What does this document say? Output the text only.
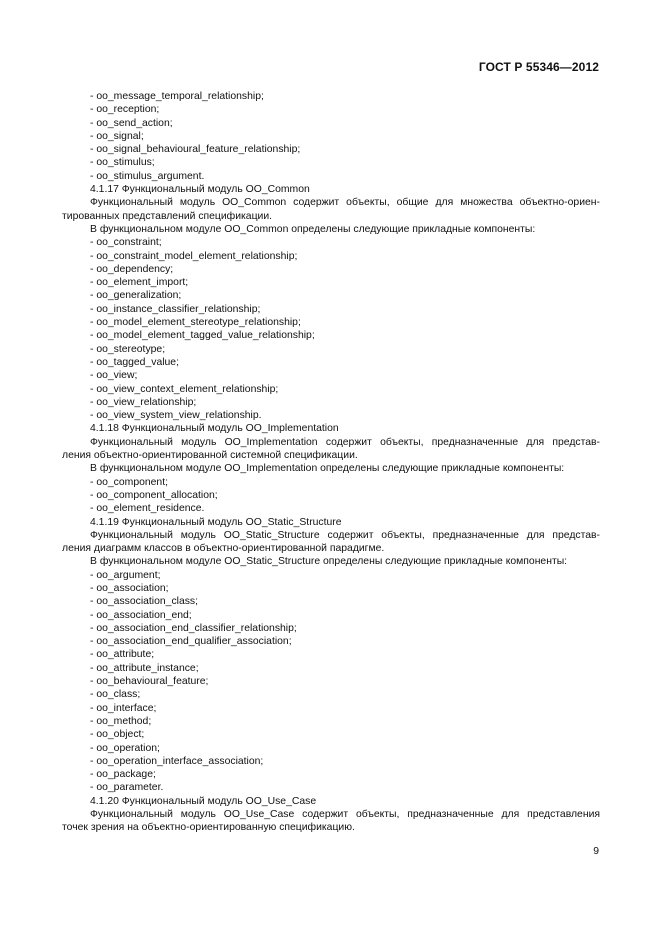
ГОСТ Р 55346—2012
- oo_message_temporal_relationship;
- oo_reception;
- oo_send_action;
- oo_signal;
- oo_signal_behavioural_feature_relationship;
- oo_stimulus;
- oo_stimulus_argument.
4.1.17 Функциональный модуль OO_Common
Функциональный модуль OO_Common содержит объекты, общие для множества объектно-ориен-
тированных представлений спецификации.
В функциональном модуле OO_Common определены следующие прикладные компоненты:
- oo_constraint;
- oo_constraint_model_element_relationship;
- oo_dependency;
- oo_element_import;
- oo_generalization;
- oo_instance_classifier_relationship;
- oo_model_element_stereotype_relationship;
- oo_model_element_tagged_value_relationship;
- oo_stereotype;
- oo_tagged_value;
- oo_view;
- oo_view_context_element_relationship;
- oo_view_relationship;
- oo_view_system_view_relationship.
4.1.18 Функциональный модуль OO_Implementation
Функциональный модуль OO_Implementation содержит объекты, предназначенные для представ-
ления объектно-ориентированной системной спецификации.
В функциональном модуле OO_Implementation определены следующие прикладные компоненты:
- oo_component;
- oo_component_allocation;
- oo_element_residence.
4.1.19 Функциональный модуль OO_Static_Structure
Функциональный модуль OO_Static_Structure содержит объекты, предназначенные для представ-
ления диаграмм классов в объектно-ориентированной парадигме.
В функциональном модуле OO_Static_Structure определены следующие прикладные компоненты:
- oo_argument;
- oo_association;
- oo_association_class;
- oo_association_end;
- oo_association_end_classifier_relationship;
- oo_association_end_qualifier_association;
- oo_attribute;
- oo_attribute_instance;
- oo_behavioural_feature;
- oo_class;
- oo_interface;
- oo_method;
- oo_object;
- oo_operation;
- oo_operation_interface_association;
- oo_package;
- oo_parameter.
4.1.20 Функциональный модуль OO_Use_Case
Функциональный модуль OO_Use_Case содержит объекты, предназначенные для представления
точек зрения на объектно-ориентированную спецификацию.
9
